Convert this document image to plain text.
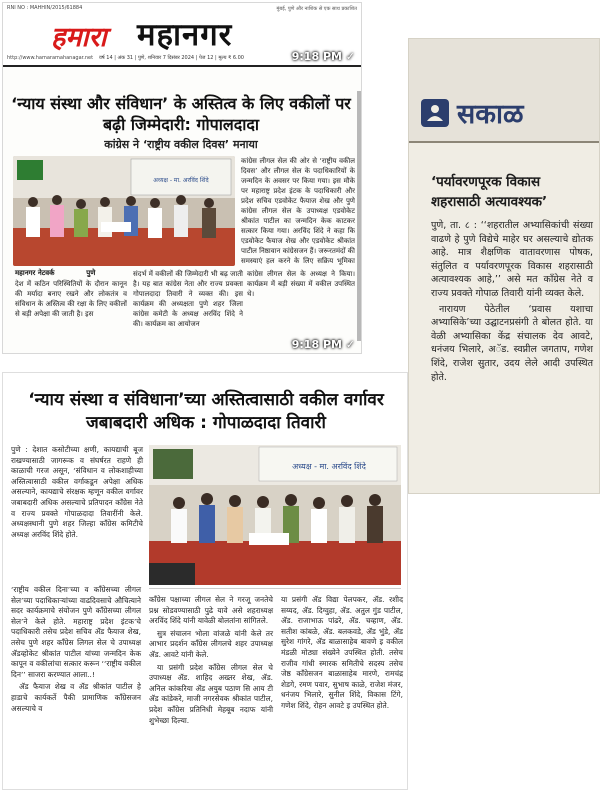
RNI NO : MAHHIN/2015/61884	मुंबई, पुणे और नाशिक से एक साथ प्रकाशित
हमारा महानगर
http://www.hamaramahanagar.net वर्ष 14 | अंक 31 | पुणे, शनिवार 7 दिसंबर 2024 | पेज 12 | मूल्य ₹ 6.00	9:18 PM ✓
‘न्याय संस्था और संविधान’ के अस्तित्व के लिए वकीलों पर बढ़ी जिम्मेदारी: गोपालदादा
कांग्रेस ने ‘राष्ट्रीय वकील दिवस’ मनाया
अध्यक्ष - मा. अरविंद शिंदे
कांग्रेस लीगल सेल की ओर से ‘राष्ट्रीय वकील दिवस’ और लीगल सेल के पदाधिकारियों के जन्मदिन के अवसर पर किया गया। इस मौके पर महाराष्ट्र प्रदेश इंटक के पदाधिकारी और प्रदेश सचिव एडवोकेट फैयाज शेख और पुणे कांग्रेस लीगल सेल के उपाध्यक्ष एडवोकेट श्रीकांत पाटील का जन्मदिन केक काटकर सत्कार किया गया। अरविंद शिंदे ने कहा कि एडवोकेट फैयाज शेख और एडवोकेट श्रीकांत पाटील निष्ठावान कांग्रेसजन हैं। जरूरतमंदों की समस्याएं हल करने के लिए सक्रिय भूमिका
महानगर नेटवर्क	पुणे
देश में कठिन परिस्थितियों के दौरान कानून की मर्यादा बनाए रखने और लोकतंत्र व संविधान के अस्तित्व की रक्षा के लिए वकीलों से बड़ी अपेक्षा की जाती है। इस
संदर्भ में वकीलों की जिम्मेदारी भी बढ़ जाती है। यह बात कांग्रेस नेता और राज्य प्रवक्ता गोपालदादा तिवारी ने व्यक्त की। इस कार्यक्रम की अध्यक्षता पुणे शहर जिला कांग्रेस कमेटी के अध्यक्ष अरविंद शिंदे ने की। कार्यक्रम का आयोजन
कांग्रेस लीगल सेल के अध्यक्ष ने किया। कार्यक्रम में बड़ी संख्या में वकील उपस्थित थे।
9:18 PM ✓
सकाळ
‘पर्यावरणपूरक विकास शहरासाठी अत्यावश्यक’

पुणे, ता. ८ : ‘‘शहरातील अभ्यासिकांची संख्या वाढणे हे पुणे विद्येचे माहेर घर असल्याचे द्योतक आहे. मात्र शैक्षणिक वातावरणास पोषक, संतुलित व पर्यावरणपूरक विकास शहरासाठी अत्यावश्यक आहे,’’ असे मत काँग्रेस नेते व राज्य प्रवक्ते गोपाळ तिवारी यांनी व्यक्त केले.

नारायण पेठेतील ‘प्रवास यशाचा अभ्यासिके’च्या उद्घाटनप्रसंगी ते बोलत होते. या वेळी अभ्यासिका केंद्र संचालक देव आवटे, धनंजय भिलारे, अॅड. स्वप्नील जगताप, गणेश शिंदे, राजेश सुतार, उदय लेले आदी उपस्थित होते.

‘न्याय संस्था व संविधाना’च्या अस्तित्वासाठी वकील वर्गावर जबाबदारी अधिक : गोपाळदादा तिवारी
पुणे : देशात कसोटीच्या क्षणी, कायद्याची बूज राखण्यासाठी जागरूक व संघर्षरत राहणे ही काळाची गरज असून, ‘संविधान व लोकशाहीच्या अस्तित्वासाठी वकील वर्गाकडून अपेक्षा अधिक असल्याने, कायद्याचे संरक्षक म्हणून वकील वर्गावर जबाबदारी अधिक असल्याचे प्रतिपादन काँग्रेस नेते व राज्य प्रवक्ते गोपाळदादा तिवारींनी केले. अध्यक्षस्थानी पुणे शहर जिल्हा काँग्रेस कमिटीचे अध्यक्ष अरविंद शिंदे होते.
अध्यक्ष - मा. अरविंद शिंदे

‘राष्ट्रीय वकील दिना’च्या व काँग्रेसच्या लीगल सेल’च्या पदाधिकाऱ्यांच्या वाढदिवसाचे औचित्याने सदर कार्यक्रमाचे संयोजन पुणे काँग्रेसच्या लीगल सेल’ने केले होते. महाराष्ट्र प्रदेश इंटक’चे पदाधिकारी तसेच प्रदेश सचिव ॲड फैयाज शेख, तसेच पुणे शहर काँग्रेस लिगल सेल चे उपाध्यक्ष ॲडव्होकेट श्रीकांत पाटील यांच्या जन्मदिन केक कापून व वकीलांचा सत्कार करून ‘‘राष्ट्रीय वकील दिन’’ साजरा करण्यात आला..!

ॲड फैयाज शेख व ॲड श्रीकांत पाटील हे हाडाचे कार्यकर्ते पैकी प्रामाणिक काँग्रेसजन असल्याचे व

काँग्रेस पक्षाच्या लीगल सेल ने गरजू जनतेचे प्रश्न सोडवण्यासाठी पुढे यावे असे शहराध्यक्ष अरविंद शिंदे यांनी यावेळी बोलतांना सांगितले.

सुत्र संचालन भोला वांजळे यांनी केले तर आभार प्रदर्शन काँग्रेस लीगलचे शहर उपाध्यक्ष ॲड. आवटे यांनी केले.

या प्रसंगी प्रदेश काँग्रेस लीगल सेल चे उपाध्यक्ष ॲड. शाहिद अख्तर शेख, ॲड. अनिल कांकरिया ॲड अयुब पठाण सि आय टी ॲड कांडेकरे, माजी नगरसेवक श्रीकांत पाटील, प्रदेश काँग्रेस प्रतिनिधी मेहबूब नदाफ यांनी शुभेच्छा दिल्या.

या प्रसंगी ॲड विद्या पेलपकर, ॲड. रशीद सय्यद, ॲड. दिग्वुहा, ॲड. अतुल गुंड पाटील, ॲड. राजाभाऊ पांढरे, ॲड. चव्हाण, ॲड. सतीश कांबळे, ॲड. बलकवडे, ॲड भुंडे, ॲड सुरेश गांगरे, ॲड बाळासाहेब बावणे इ वकील मंडळी मोठ्या संख्येने उपस्थित होती. तसेच राजीव गांधी स्मारक समितीचे सदस्य तसेच जेष्ठ काँग्रेसजन बाळासाहेब मारणे, रामचंद्र शेडगे, रमण पवार, सुभाष काळे, राजेश मंजर, धनंजय भिलारे, सुनील शिंदे, विकास टिंगे, गणेश शिंदे, रोहन आवटे इ उपस्थित होते.
